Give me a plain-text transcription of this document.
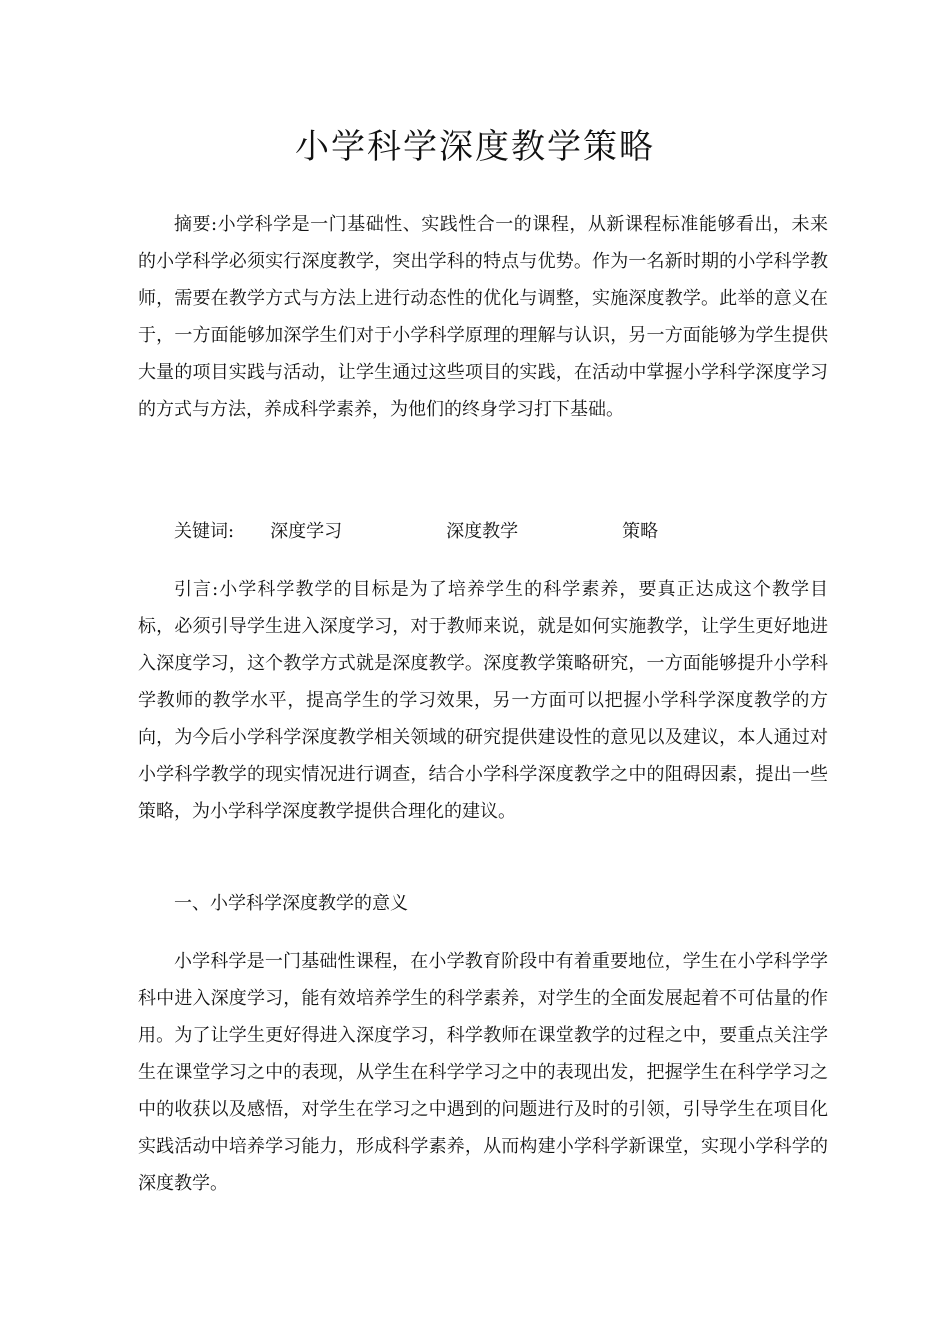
小学科学深度教学策略

摘要:小学科学是一门基础性、实践性合一的课程，从新课程标准能够看出，未来的小学科学必须实行深度教学，突出学科的特点与优势。作为一名新时期的小学科学教师，需要在教学方式与方法上进行动态性的优化与调整，实施深度教学。此举的意义在于，一方面能够加深学生们对于小学科学原理的理解与认识，另一方面能够为学生提供大量的项目实践与活动，让学生通过这些项目的实践，在活动中掌握小学科学深度学习的方式与方法，养成科学素养，为他们的终身学习打下基础。

关键词: 深度学习	深度教学	策略

引言:小学科学教学的目标是为了培养学生的科学素养，要真正达成这个教学目标，必须引导学生进入深度学习，对于教师来说，就是如何实施教学，让学生更好地进入深度学习，这个教学方式就是深度教学。深度教学策略研究，一方面能够提升小学科学教师的教学水平，提高学生的学习效果，另一方面可以把握小学科学深度教学的方向，为今后小学科学深度教学相关领域的研究提供建设性的意见以及建议，本人通过对小学科学教学的现实情况进行调查，结合小学科学深度教学之中的阻碍因素，提出一些策略，为小学科学深度教学提供合理化的建议。

一、小学科学深度教学的意义

小学科学是一门基础性课程，在小学教育阶段中有着重要地位，学生在小学科学学科中进入深度学习，能有效培养学生的科学素养，对学生的全面发展起着不可估量的作用。为了让学生更好得进入深度学习，科学教师在课堂教学的过程之中，要重点关注学生在课堂学习之中的表现，从学生在科学学习之中的表现出发，把握学生在科学学习之中的收获以及感悟，对学生在学习之中遇到的问题进行及时的引领，引导学生在项目化实践活动中培养学习能力，形成科学素养，从而构建小学科学新课堂，实现小学科学的深度教学。
